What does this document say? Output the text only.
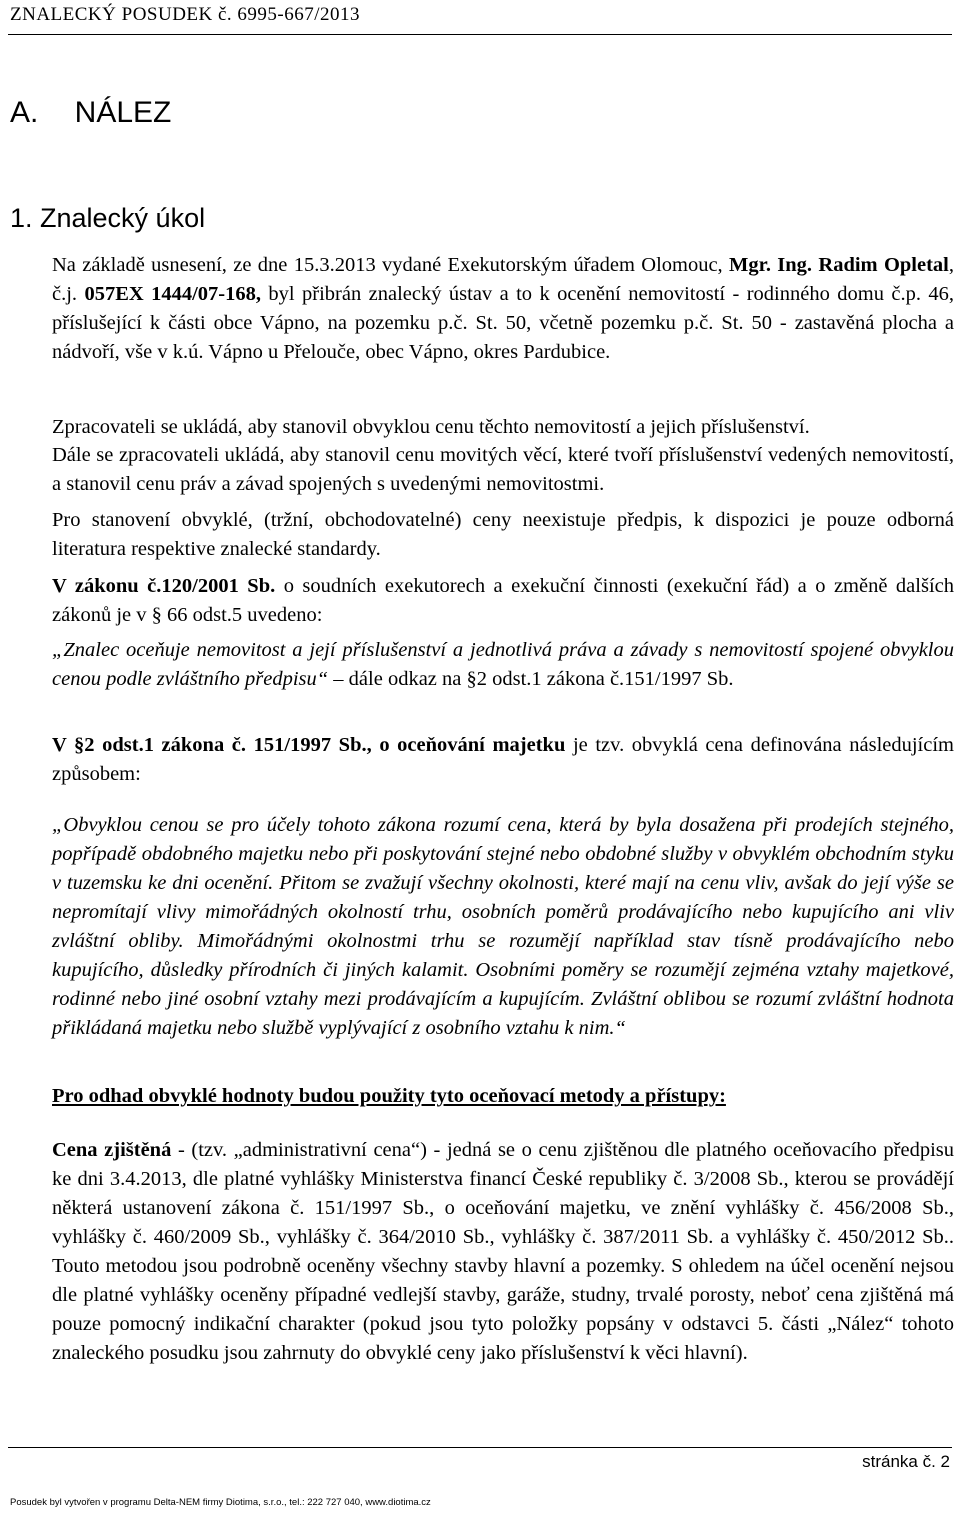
ZNALECKÝ POSUDEK č. 6995-667/2013
A. NÁLEZ
1. Znalecký úkol

Na základě usnesení, ze dne 15.3.2013 vydané Exekutorským úřadem Olomouc, Mgr. Ing. Radim Opletal, č.j. 057EX 1444/07-168, byl přibrán znalecký ústav a to k ocenění nemovitostí - rodinného domu č.p. 46, příslušející k části obce Vápno, na pozemku p.č. St. 50, včetně pozemku p.č. St. 50 - zastavěná plocha a nádvoří, vše v k.ú. Vápno u Přelouče, obec Vápno, okres Pardubice.

Zpracovateli se ukládá, aby stanovil obvyklou cenu těchto nemovitostí a jejich příslušenství.

Dále se zpracovateli ukládá, aby stanovil cenu movitých věcí, které tvoří příslušenství vedených nemovitostí, a stanovil cenu práv a závad spojených s uvedenými nemovitostmi.

Pro stanovení obvyklé, (tržní, obchodovatelné) ceny neexistuje předpis, k dispozici je pouze odborná literatura respektive znalecké standardy.

V zákonu č.120/2001 Sb. o soudních exekutorech a exekuční činnosti (exekuční řád) a o změně dalších zákonů je v § 66 odst.5 uvedeno:

„Znalec oceňuje nemovitost a její příslušenství a jednotlivá práva a závady s nemovitostí spojené obvyklou cenou podle zvláštního předpisu“ – dále odkaz na §2 odst.1 zákona č.151/1997 Sb.

V §2 odst.1 zákona č. 151/1997 Sb., o oceňování majetku je tzv. obvyklá cena definována následujícím způsobem:

„Obvyklou cenou se pro účely tohoto zákona rozumí cena, která by byla dosažena při prodejích stejného, popřípadě obdobného majetku nebo při poskytování stejné nebo obdobné služby v obvyklém obchodním styku v tuzemsku ke dni ocenění. Přitom se zvažují všechny okolnosti, které mají na cenu vliv, avšak do její výše se nepromítají vlivy mimořádných okolností trhu, osobních poměrů prodávajícího nebo kupujícího ani vliv zvláštní obliby. Mimořádnými okolnostmi trhu se rozumějí například stav tísně prodávajícího nebo kupujícího, důsledky přírodních či jiných kalamit. Osobními poměry se rozumějí zejména vztahy majetkové, rodinné nebo jiné osobní vztahy mezi prodávajícím a kupujícím. Zvláštní oblibou se rozumí zvláštní hodnota přikládaná majetku nebo službě vyplývající z osobního vztahu k nim.“

Pro odhad obvyklé hodnoty budou použity tyto oceňovací metody a přístupy:

Cena zjištěná - (tzv. „administrativní cena“) - jedná se o cenu zjištěnou dle platného oceňovacího předpisu ke dni 3.4.2013, dle platné vyhlášky Ministerstva financí České republiky č. 3/2008 Sb., kterou se provádějí některá ustanovení zákona č. 151/1997 Sb., o oceňování majetku, ve znění vyhlášky č. 456/2008 Sb., vyhlášky č. 460/2009 Sb., vyhlášky č. 364/2010 Sb., vyhlášky č. 387/2011 Sb. a vyhlášky č. 450/2012 Sb.. Touto metodou jsou podrobně oceněny všechny stavby hlavní a pozemky. S ohledem na účel ocenění nejsou dle platné vyhlášky oceněny případné vedlejší stavby, garáže, studny, trvalé porosty, neboť cena zjištěná má pouze pomocný indikační charakter (pokud jsou tyto položky popsány v odstavci 5. části „Nález“ tohoto znaleckého posudku jsou zahrnuty do obvyklé ceny jako příslušenství k věci hlavní).

stránka č. 2
Posudek byl vytvořen v programu Delta-NEM firmy Diotima, s.r.o., tel.: 222 727 040, www.diotima.cz
